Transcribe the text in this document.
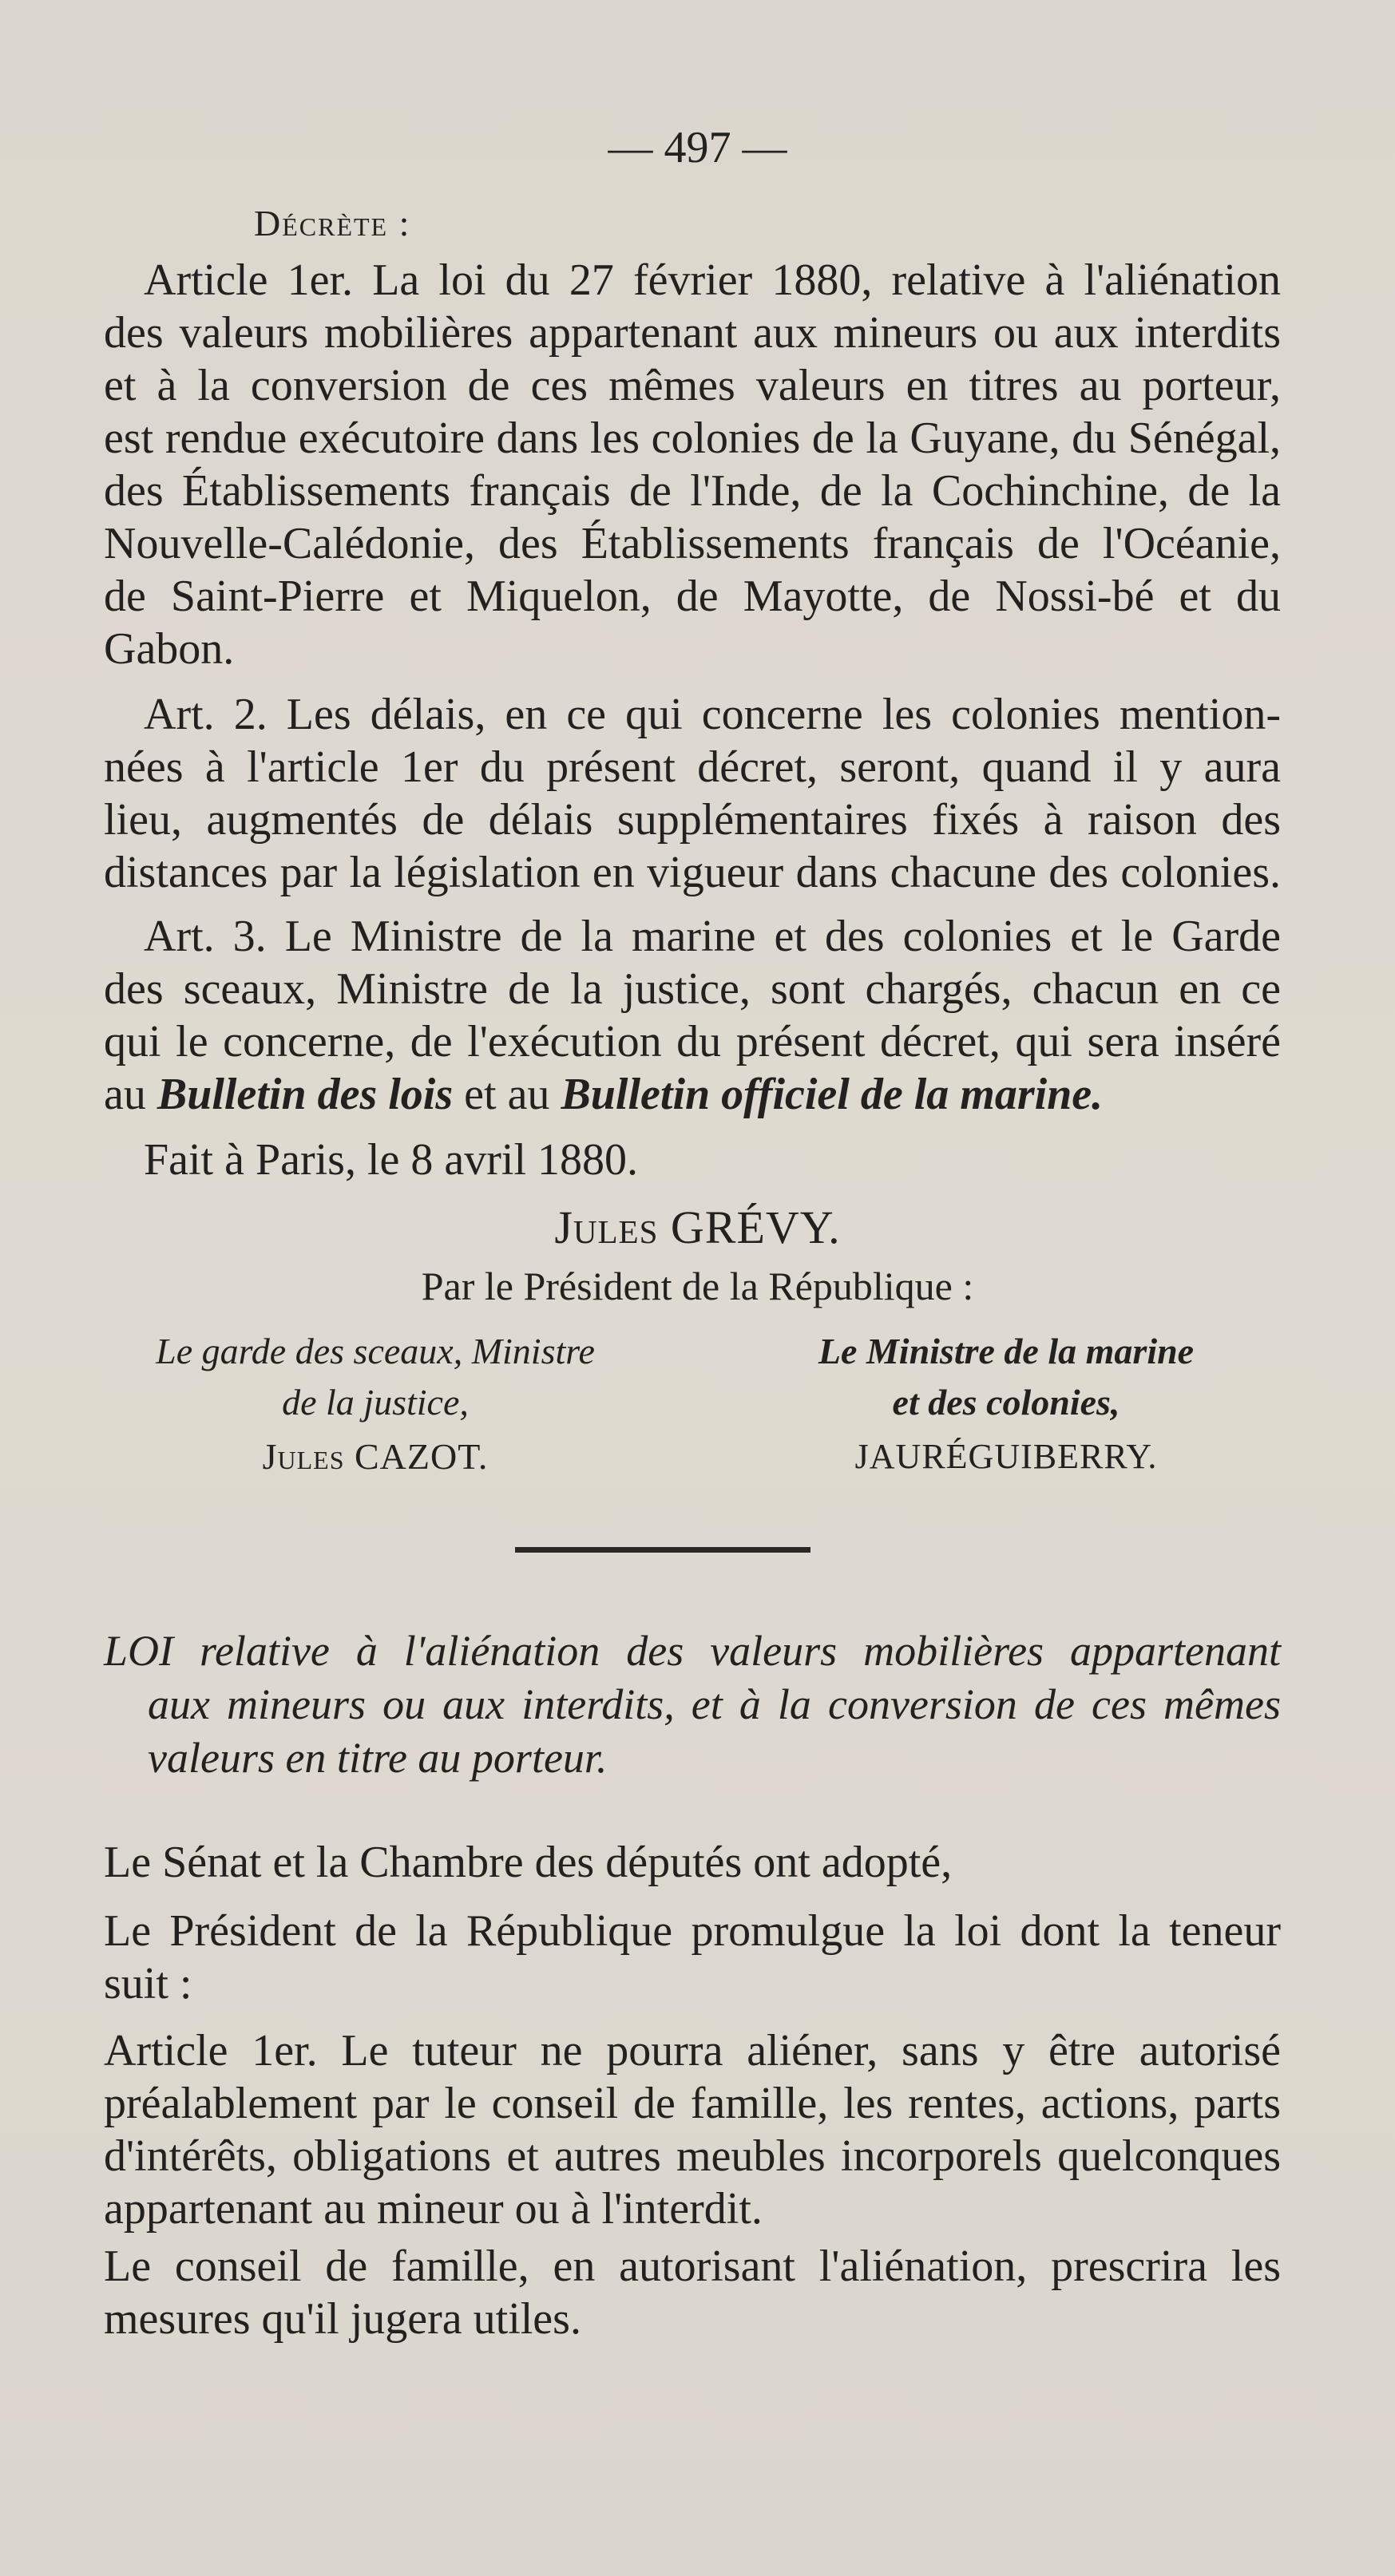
— 497 —
Décrète :
Article 1er. La loi du 27 février 1880, relative à l'aliénation
des valeurs mobilières appartenant aux mineurs ou aux interdits
et à la conversion de ces mêmes valeurs en titres au porteur,
est rendue exécutoire dans les colonies de la Guyane, du Sénégal,
des Établissements français de l'Inde, de la Cochinchine, de la
Nouvelle-Calédonie, des Établissements français de l'Océanie,
de Saint-Pierre et Miquelon, de Mayotte, de Nossi-bé et du
Gabon.
Art. 2. Les délais, en ce qui concerne les colonies mention-
nées à l'article 1er du présent décret, seront, quand il y aura
lieu, augmentés de délais supplémentaires fixés à raison des
distances par la législation en vigueur dans chacune des colonies.
Art. 3. Le Ministre de la marine et des colonies et le Garde
des sceaux, Ministre de la justice, sont chargés, chacun en ce
qui le concerne, de l'exécution du présent décret, qui sera inséré
au Bulletin des lois et au Bulletin officiel de la marine.
Fait à Paris, le 8 avril 1880.
Jules GRÉVY.
Par le Président de la République :
Le garde des sceaux, Ministre
de la justice,
Jules CAZOT.
Le Ministre de la marine
et des colonies,
JAURÉGUIBERRY.
LOI relative à l'aliénation des valeurs mobilières appartenant
aux mineurs ou aux interdits, et à la conversion de ces mêmes
valeurs en titre au porteur.
Le Sénat et la Chambre des députés ont adopté,
Le Président de la République promulgue la loi dont la teneur
suit :
Article 1er. Le tuteur ne pourra aliéner, sans y être autorisé
préalablement par le conseil de famille, les rentes, actions, parts
d'intérêts, obligations et autres meubles incorporels quelconques
appartenant au mineur ou à l'interdit.
Le conseil de famille, en autorisant l'aliénation, prescrira les
mesures qu'il jugera utiles.
